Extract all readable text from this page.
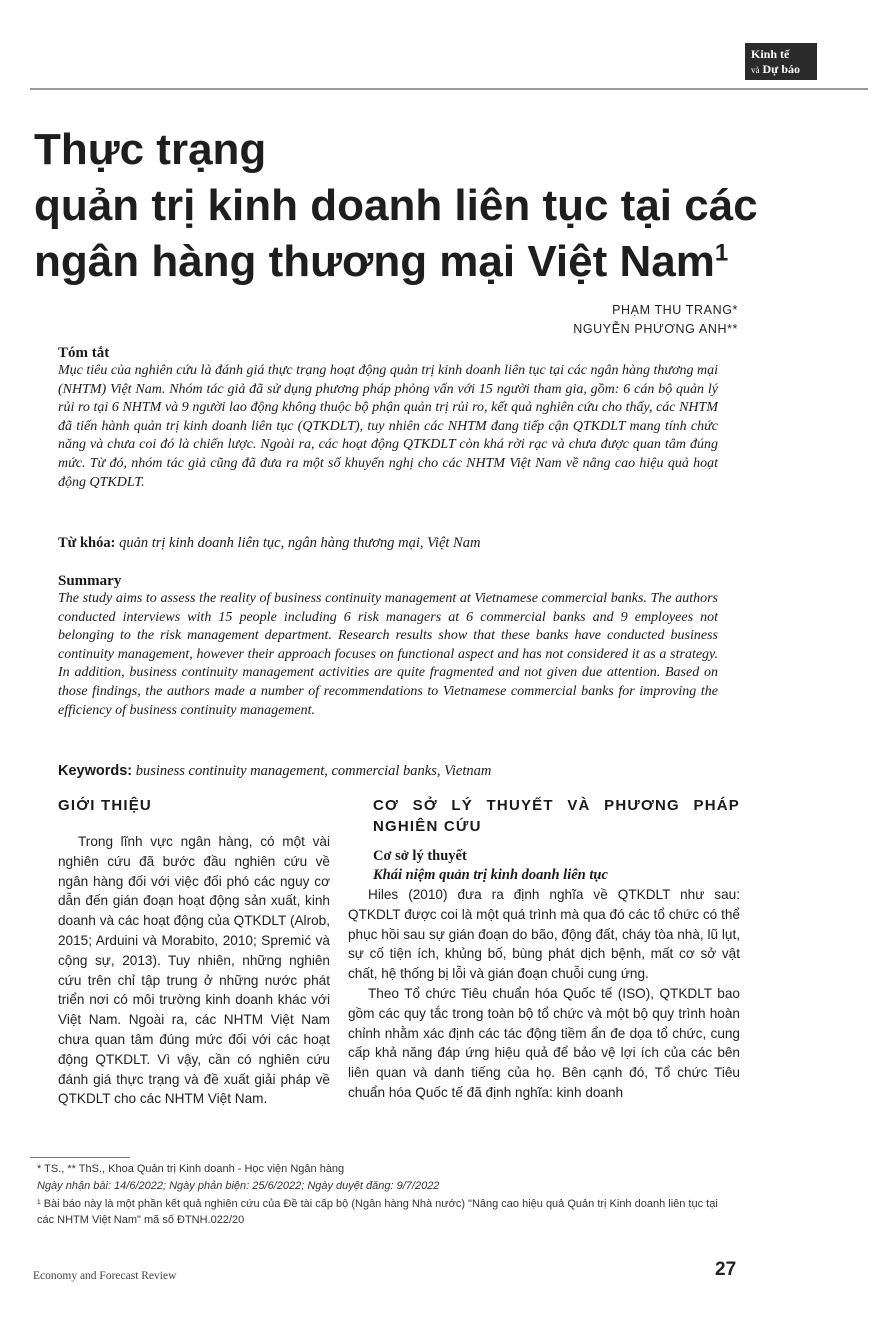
Kinh tế
và Dự báo
Thực trạng
quản trị kinh doanh liên tục tại các
ngân hàng thương mại Việt Nam$^1$
PHẠM THU TRANG*
NGUYỄN PHƯƠNG ANH**
Tóm tắt

Mục tiêu của nghiên cứu là đánh giá thực trạng hoạt động quản trị kinh doanh liên tục tại các ngân hàng thương mại (NHTM) Việt Nam. Nhóm tác giả đã sử dụng phương pháp phỏng vấn với 15 người tham gia, gồm: 6 cán bộ quản lý rủi ro tại 6 NHTM và 9 người lao động không thuộc bộ phận quản trị rủi ro, kết quả nghiên cứu cho thấy, các NHTM đã tiến hành quản trị kinh doanh liên tục (QTKDLT), tuy nhiên các NHTM đang tiếp cận QTKDLT mang tính chức năng và chưa coi đó là chiến lược. Ngoài ra, các hoạt động QTKDLT còn khá rời rạc và chưa được quan tâm đúng mức. Từ đó, nhóm tác giả cũng đã đưa ra một số khuyến nghị cho các NHTM Việt Nam về nâng cao hiệu quả hoạt động QTKDLT.

Từ khóa: quản trị kinh doanh liên tục, ngân hàng thương mại, Việt Nam
Summary

The study aims to assess the reality of business continuity management at Vietnamese commercial banks. The authors conducted interviews with 15 people including 6 risk managers at 6 commercial banks and 9 employees not belonging to the risk management department. Research results show that these banks have conducted business continuity management, however their approach focuses on functional aspect and has not considered it as a strategy. In addition, business continuity management activities are quite fragmented and not given due attention. Based on those findings, the authors made a number of recommendations to Vietnamese commercial banks for improving the efficiency of business continuity management.

Keywords: business continuity management, commercial banks, Vietnam
GIỚI THIỆU

Trong lĩnh vực ngân hàng, có một vài nghiên cứu đã bước đầu nghiên cứu về ngân hàng đối với việc đối phó các nguy cơ dẫn đến gián đoạn hoạt động sản xuất, kinh doanh và các hoạt động của QTKDLT (Alrob, 2015; Arduini và Morabito, 2010; Spremić và cộng sự, 2013). Tuy nhiên, những nghiên cứu trên chỉ tập trung ở những nước phát triển nơi có môi trường kinh doanh khác với Việt Nam. Ngoài ra, các NHTM Việt Nam chưa quan tâm đúng mức đối với các hoạt động QTKDLT. Vì vậy, cần có nghiên cứu đánh giá thực trạng và đề xuất giải pháp về QTKDLT cho các NHTM Việt Nam.

CƠ SỞ LÝ THUYẾT VÀ PHƯƠNG PHÁP NGHIÊN CỨU
Cơ sở lý thuyết
Khái niệm quản trị kinh doanh liên tục

Hiles (2010) đưa ra định nghĩa về QTKDLT như sau: QTKDLT được coi là một quá trình mà qua đó các tổ chức có thể phục hồi sau sự gián đoạn do bão, động đất, cháy tòa nhà, lũ lụt, sự cố tiện ích, khủng bố, bùng phát dịch bệnh, mất cơ sở vật chất, hệ thống bị lỗi và gián đoạn chuỗi cung ứng.

Theo Tổ chức Tiêu chuẩn hóa Quốc tế (ISO), QTKDLT bao gồm các quy tắc trong toàn bộ tổ chức và một bộ quy trình hoàn chỉnh nhằm xác định các tác động tiềm ẩn đe dọa tổ chức, cung cấp khả năng đáp ứng hiệu quả để bảo vệ lợi ích của các bên liên quan và danh tiếng của họ. Bên cạnh đó, Tổ chức Tiêu chuẩn hóa Quốc tế đã định nghĩa: kinh doanh

* TS., ** ThS., Khoa Quản trị Kinh doanh - Học viện Ngân hàng
Ngày nhận bài: 14/6/2022; Ngày phản biện: 25/6/2022; Ngày duyệt đăng: 9/7/2022
¹ Bài báo này là một phần kết quả nghiên cứu của Đề tài cấp bộ (Ngân hàng Nhà nước) "Nâng cao hiệu quả Quản trị Kinh doanh liên tục tại các NHTM Việt Nam" mã số ĐTNH.022/20
Economy and Forecast Review	27
